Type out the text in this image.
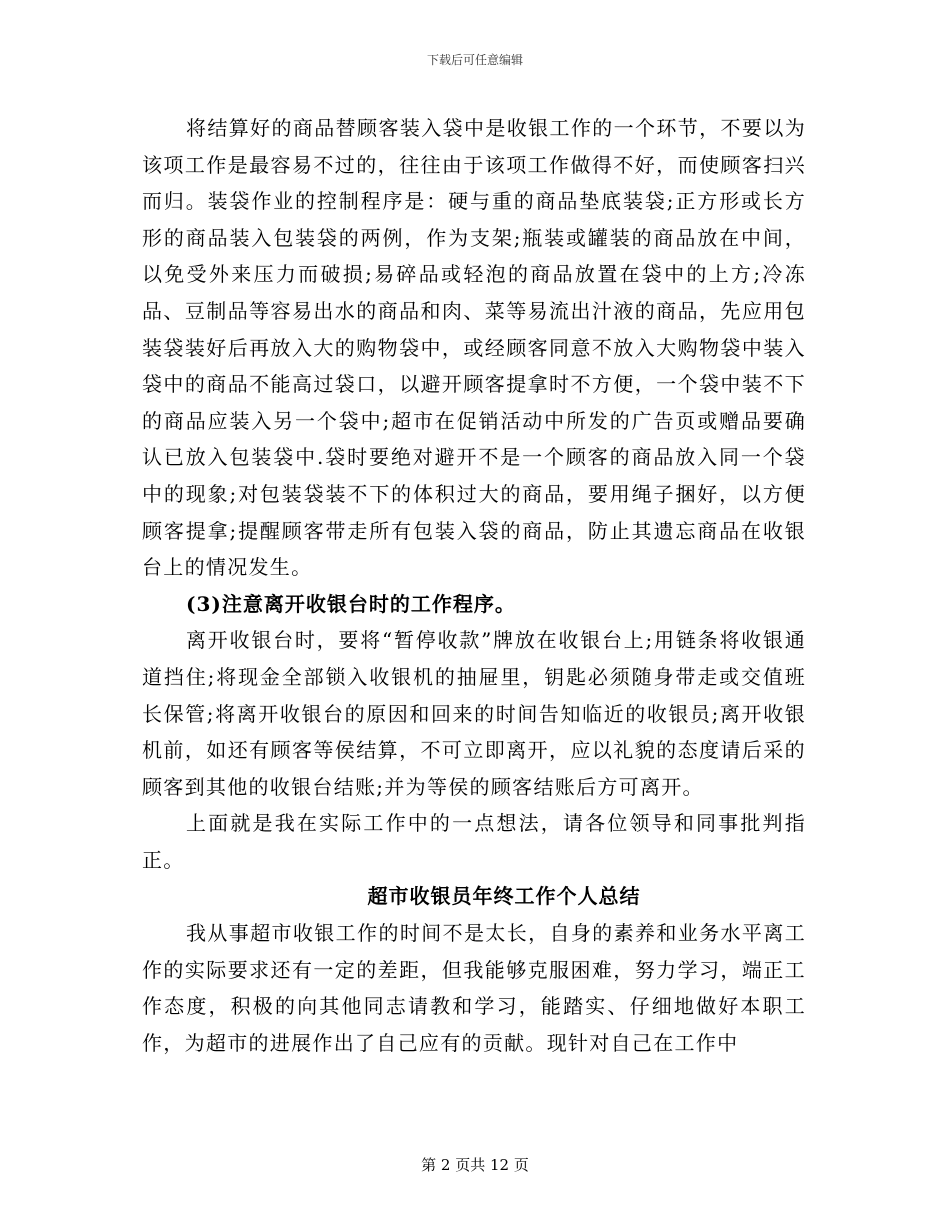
下载后可任意编辑

将结算好的商品替顾客装入袋中是收银工作的一个环节，不要以为该项工作是最容易不过的，往往由于该项工作做得不好，而使顾客扫兴而归。装袋作业的控制程序是：硬与重的商品垫底装袋;正方形或长方形的商品装入包装袋的两例，作为支架;瓶装或罐装的商品放在中间，以免受外来压力而破损;易碎品或轻泡的商品放置在袋中的上方;冷冻品、豆制品等容易出水的商品和肉、菜等易流出汁液的商品，先应用包装袋装好后再放入大的购物袋中，或经顾客同意不放入大购物袋中装入袋中的商品不能高过袋口，以避开顾客提拿时不方便，一个袋中装不下的商品应装入另一个袋中;超市在促销活动中所发的广告页或赠品要确认已放入包装袋中.袋时要绝对避开不是一个顾客的商品放入同一个袋中的现象;对包装袋装不下的体积过大的商品，要用绳子捆好，以方便顾客提拿;提醒顾客带走所有包装入袋的商品，防止其遗忘商品在收银台上的情况发生。

(3)注意离开收银台时的工作程序。

离开收银台时，要将“暂停收款”牌放在收银台上;用链条将收银通道挡住;将现金全部锁入收银机的抽屉里，钥匙必须随身带走或交值班长保管;将离开收银台的原因和回来的时间告知临近的收银员;离开收银机前，如还有顾客等侯结算，不可立即离开，应以礼貌的态度请后采的顾客到其他的收银台结账;并为等侯的顾客结账后方可离开。

上面就是我在实际工作中的一点想法，请各位领导和同事批判指正。

超市收银员年终工作个人总结

我从事超市收银工作的时间不是太长，自身的素养和业务水平离工作的实际要求还有一定的差距，但我能够克服困难，努力学习，端正工作态度，积极的向其他同志请教和学习，能踏实、仔细地做好本职工作，为超市的进展作出了自己应有的贡献。现针对自己在工作中

第 2 页共 12 页
